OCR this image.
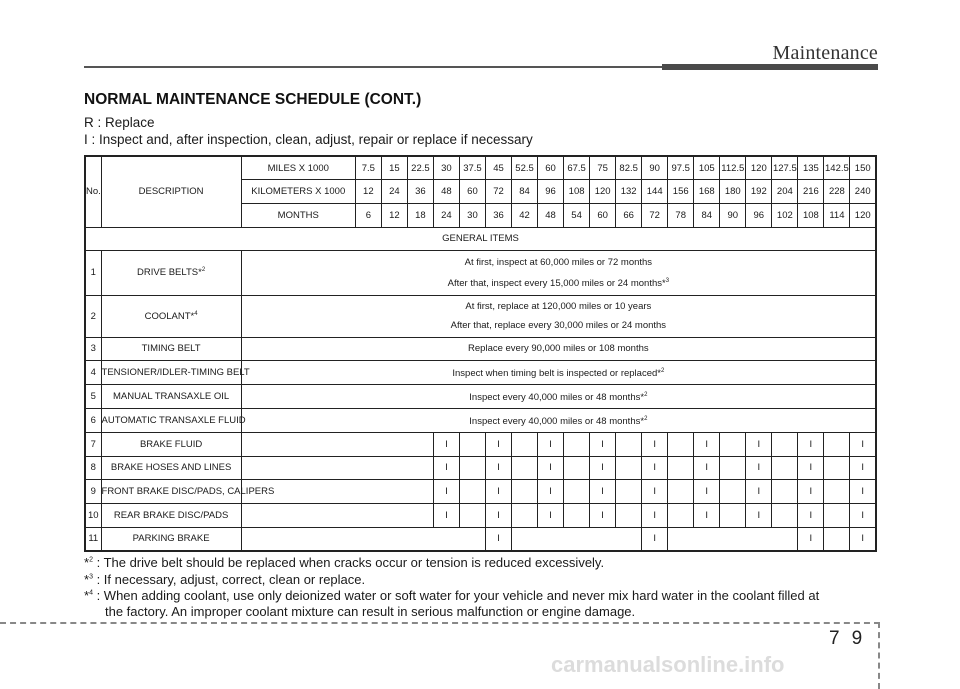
Maintenance
NORMAL MAINTENANCE SCHEDULE (CONT.)
R : Replace
I : Inspect and, after inspection, clean, adjust, repair or replace if necessary
No.	DESCRIPTION	MILES X 1000	7.5	15	22.5	30	37.5	45	52.5	60	67.5	75	82.5	90	97.5	105	112.5	120	127.5	135	142.5	150
		KILOMETERS X 1000	12	24	36	48	60	72	84	96	108	120	132	144	156	168	180	192	204	216	228	240
		MONTHS	6	12	18	24	30	36	42	48	54	60	66	72	78	84	90	96	102	108	114	120
GENERAL ITEMS																						
1	DRIVE BELTS*$^2$	At first, inspect at 60,000 miles or 72 months
After that, inspect every 15,000 miles or 24 months*$^3$

2	COOLANT*$^4$	At first, replace at 120,000 miles or 10 years
After that, replace every 30,000 miles or 24 months																				

3	TIMING BELT	Replace every 90,000 miles or 108 months																				

4	TENSIONER/IDLER-TIMING BELT	Inspect when timing belt is inspected or replaced*$^2$

5	MANUAL TRANSAXLE OIL	Inspect every 40,000 miles or 48 months*$^2$

6	AUTOMATIC TRANSAXLE FLUID	Inspect every 40,000 miles or 48 months*$^2$

7	BRAKE FLUID					I		I		I		I		I		I		I		I		I
8	BRAKE HOSES AND LINES					I		I		I		I		I		I		I		I		I
9	FRONT BRAKE DISC/PADS, CALIPERS					I		I		I		I		I		I		I		I		I
10	REAR BRAKE DISC/PADS					I		I		I		I		I		I		I		I		I
11	PARKING BRAKE							I						I						I		I
*$^2$ : The drive belt should be replaced when cracks occur or tension is reduced excessively.
*$^3$ : If necessary, adjust, correct, clean or replace.
*$^4$ : When adding coolant, use only deionized water or soft water for your vehicle and never mix hard water in the coolant filled at
the factory. An improper coolant mixture can result in serious malfunction or engine damage.
79
carmanualsonline.info
